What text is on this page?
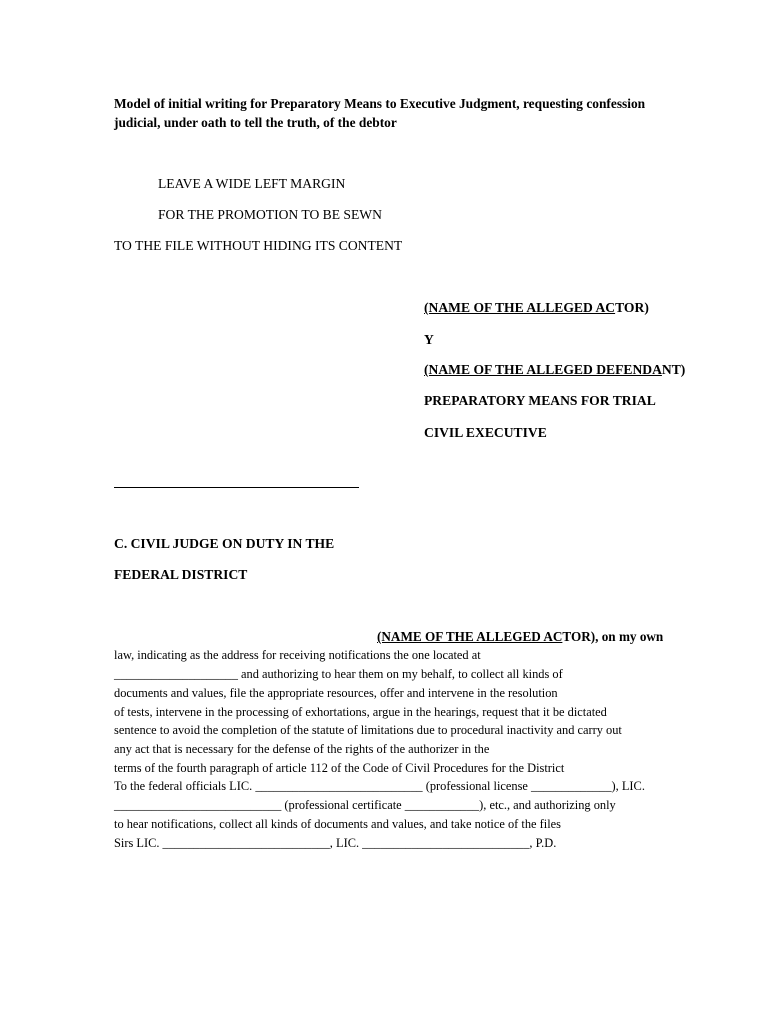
Model of initial writing for Preparatory Means to Executive Judgment, requesting confession
judicial, under oath to tell the truth, of the debtor
LEAVE A WIDE LEFT MARGIN
FOR THE PROMOTION TO BE SEWN
TO THE FILE WITHOUT HIDING ITS CONTENT
(NAME OF THE ALLEGED ACTOR)
Y
(NAME OF THE ALLEGED DEFENDANT)
PREPARATORY MEANS FOR TRIAL
CIVIL EXECUTIVE
C. CIVIL JUDGE ON DUTY IN THE
FEDERAL DISTRICT
(NAME OF THE ALLEGED ACTOR), on my own
law, indicating as the address for receiving notifications the one located at
____________________ and authorizing to hear them on my behalf, to collect all kinds of
documents and values, file the appropriate resources, offer and intervene in the resolution
of tests, intervene in the processing of exhortations, argue in the hearings, request that it be dictated
sentence to avoid the completion of the statute of limitations due to procedural inactivity and carry out
any act that is necessary for the defense of the rights of the authorizer in the
terms of the fourth paragraph of article 112 of the Code of Civil Procedures for the District
To the federal officials LIC. ___________________________ (professional license _____________), LIC.
___________________________ (professional certificate ____________), etc., and authorizing only
to hear notifications, collect all kinds of documents and values, and take notice of the files
Sirs LIC. ___________________________, LIC. ___________________________, P.D.
